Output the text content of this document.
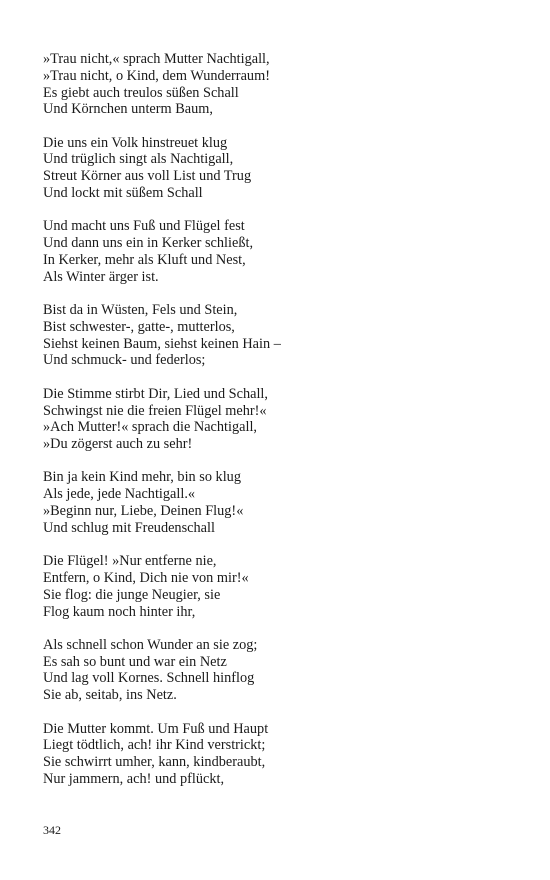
»Trau nicht,« sprach Mutter Nachtigall,
»Trau nicht, o Kind, dem Wunderraum!
Es giebt auch treulos süßen Schall
Und Körnchen unterm Baum,
Die uns ein Volk hinstreuet klug
Und trüglich singt als Nachtigall,
Streut Körner aus voll List und Trug
Und lockt mit süßem Schall
Und macht uns Fuß und Flügel fest
Und dann uns ein in Kerker schließt,
In Kerker, mehr als Kluft und Nest,
Als Winter ärger ist.
Bist da in Wüsten, Fels und Stein,
Bist schwester-, gatte-, mutterlos,
Siehst keinen Baum, siehst keinen Hain –
Und schmuck- und federlos;
Die Stimme stirbt Dir, Lied und Schall,
Schwingst nie die freien Flügel mehr!«
»Ach Mutter!« sprach die Nachtigall,
»Du zögerst auch zu sehr!
Bin ja kein Kind mehr, bin so klug
Als jede, jede Nachtigall.«
»Beginn nur, Liebe, Deinen Flug!«
Und schlug mit Freudenschall
Die Flügel! »Nur entferne nie,
Entfern, o Kind, Dich nie von mir!«
Sie flog: die junge Neugier, sie
Flog kaum noch hinter ihr,
Als schnell schon Wunder an sie zog;
Es sah so bunt und war ein Netz
Und lag voll Kornes. Schnell hinflog
Sie ab, seitab, ins Netz.
Die Mutter kommt. Um Fuß und Haupt
Liegt tödtlich, ach! ihr Kind verstrickt;
Sie schwirrt umher, kann, kindberaubt,
Nur jammern, ach! und pflückt,
342
